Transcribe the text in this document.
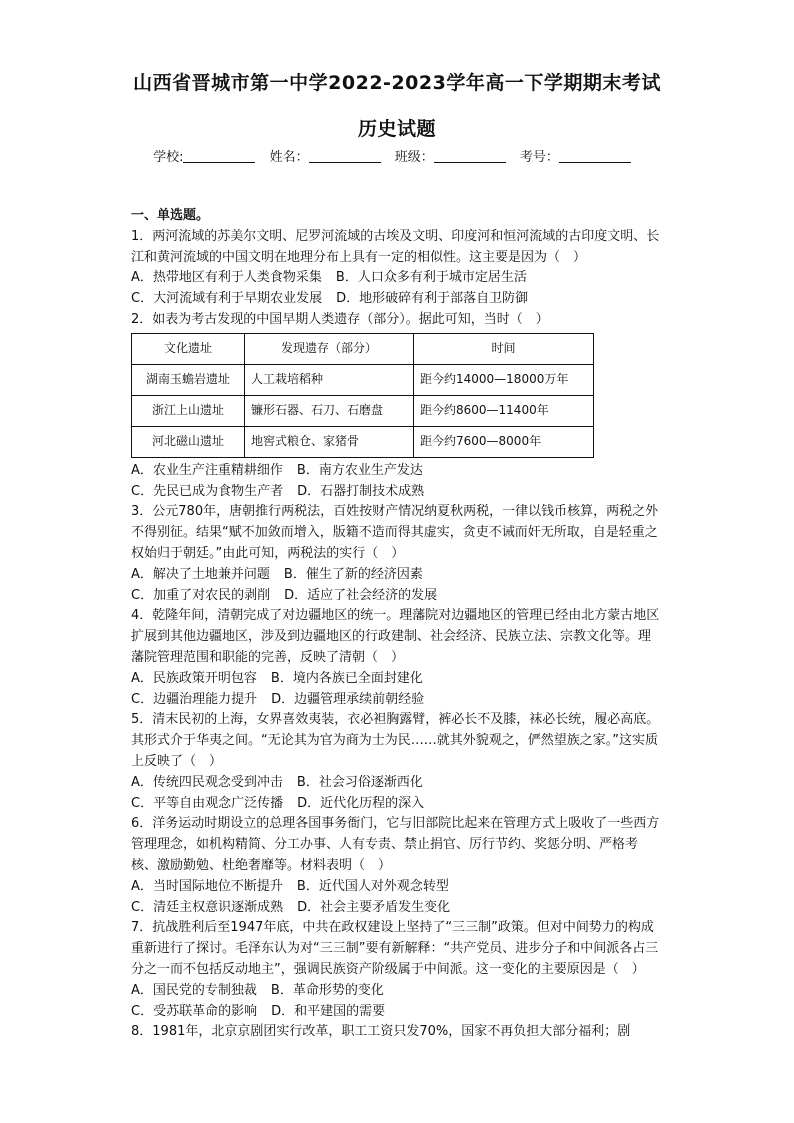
山西省晋城市第一中学2022-2023学年高一下学期期末考试
历史试题
学校:	姓名：	班级：	考号：

一、单选题。

1．两河流域的苏美尔文明、尼罗河流域的古埃及文明、印度河和恒河流域的古印度文明、长江和黄河流域的中国文明在地理分布上具有一定的相似性。这主要是因为（　）

A．热带地区有利于人类食物采集 B．人口众多有利于城市定居生活

C．大河流域有利于早期农业发展 D．地形破碎有利于部落自卫防御

2．如表为考古发现的中国早期人类遗存（部分）。据此可知，当时（　）

文化遗址	发现遗存（部分）	时间
湖南玉蟾岩遗址	人工栽培稻种	距今约14000—18000万年
浙江上山遗址	镰形石器、石刀、石磨盘	距今约8600—11400年
河北磁山遗址	地窖式粮仓、家猪骨	距今约7600—8000年

A．农业生产注重精耕细作 B．南方农业生产发达

C．先民已成为食物生产者 D．石器打制技术成熟

3．公元780年，唐朝推行两税法，百姓按财产情况纳夏秋两税，一律以钱币核算，两税之外不得别征。结果“赋不加敛而增入，版籍不造而得其虚实，贪吏不诫而奸无所取，自是轻重之权始归于朝廷。”由此可知，两税法的实行（　）

A．解决了土地兼并问题 B．催生了新的经济因素

C．加重了对农民的剥削 D．适应了社会经济的发展

4．乾隆年间，清朝完成了对边疆地区的统一。理藩院对边疆地区的管理已经由北方蒙古地区扩展到其他边疆地区，涉及到边疆地区的行政建制、社会经济、民族立法、宗教文化等。理藩院管理范围和职能的完善，反映了清朝（　）

A．民族政策开明包容 B．境内各族已全面封建化

C．边疆治理能力提升 D．边疆管理承续前朝经验

5．清末民初的上海，女界喜效夷装，衣必袒胸露臂，裤必长不及膝，袜必长统，履必高底。其形式介于华夷之间。“无论其为官为商为士为民……就其外貌观之，俨然望族之家。”这实质上反映了（　）

A．传统四民观念受到冲击 B．社会习俗逐渐西化

C．平等自由观念广泛传播 D．近代化历程的深入

6．洋务运动时期设立的总理各国事务衙门，它与旧部院比起来在管理方式上吸收了一些西方管理理念，如机构精简、分工办事、人有专责、禁止捐官、厉行节约、奖惩分明、严格考核、激励勤勉、杜绝奢靡等。材料表明（　）

A．当时国际地位不断提升 B．近代国人对外观念转型

C．清廷主权意识逐渐成熟 D．社会主要矛盾发生变化

7．抗战胜利后至1947年底，中共在政权建设上坚持了“三三制”政策。但对中间势力的构成重新进行了探讨。毛泽东认为对“三三制”要有新解释：“共产党员、进步分子和中间派各占三分之一而不包括反动地主”，强调民族资产阶级属于中间派。这一变化的主要原因是（　）

A．国民党的专制独裁 B．革命形势的变化

C．受苏联革命的影响 D．和平建国的需要

8．1981年，北京京剧团实行改革，职工工资只发70%，国家不再负担大部分福利；剧
